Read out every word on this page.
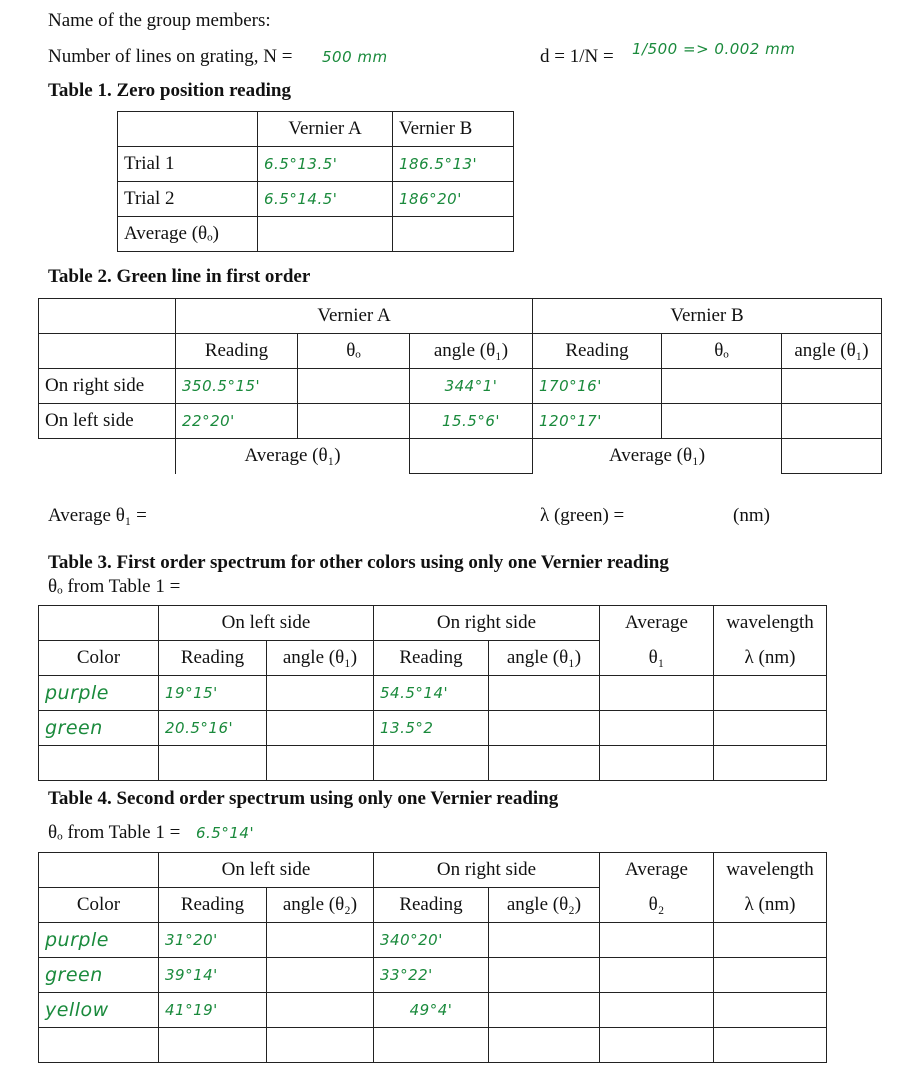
Name of the group members:
Number of lines on grating, N = 500 mm	d = 1/N = 1/500 => 0.002 mm
Table 1. Zero position reading
	Vernier A	Vernier B
Trial 1	6.5°13.5'	186.5°13'
Trial 2	6.5°14.5'	186°20'
Average (θₒ)		
Table 2. Green line in first order
	Vernier A			Vernier B		
	Reading	θₒ	angle (θ₁)	Reading	θₒ	angle (θ₁)
On right side	350.5°15'		344°1'	170°16'		
On left side	22°20'		15.5°6'	120°17'		
	Average (θ₁)			Average (θ₁)		
Average θ₁ =	λ (green) =	(nm)
Table 3. First order spectrum for other colors using only one Vernier reading
θₒ from Table 1 =
	On left side		On right side		Average	wavelength
Color	Reading	angle (θ₁)	Reading	angle (θ₁)	θ₁	λ (nm)
purple	19°15'		54.5°14'			
green	20.5°16'		13.5°2			

Table 4. Second order spectrum using only one Vernier reading
θₒ from Table 1 = 6.5°14'
	On left side		On right side		Average	wavelength
Color	Reading	angle (θ₂)	Reading	angle (θ₂)	θ₂	λ (nm)
purple	31°20'		340°20'			
green	39°14'		33°22'			
yellow	41°19'		49°4'			
